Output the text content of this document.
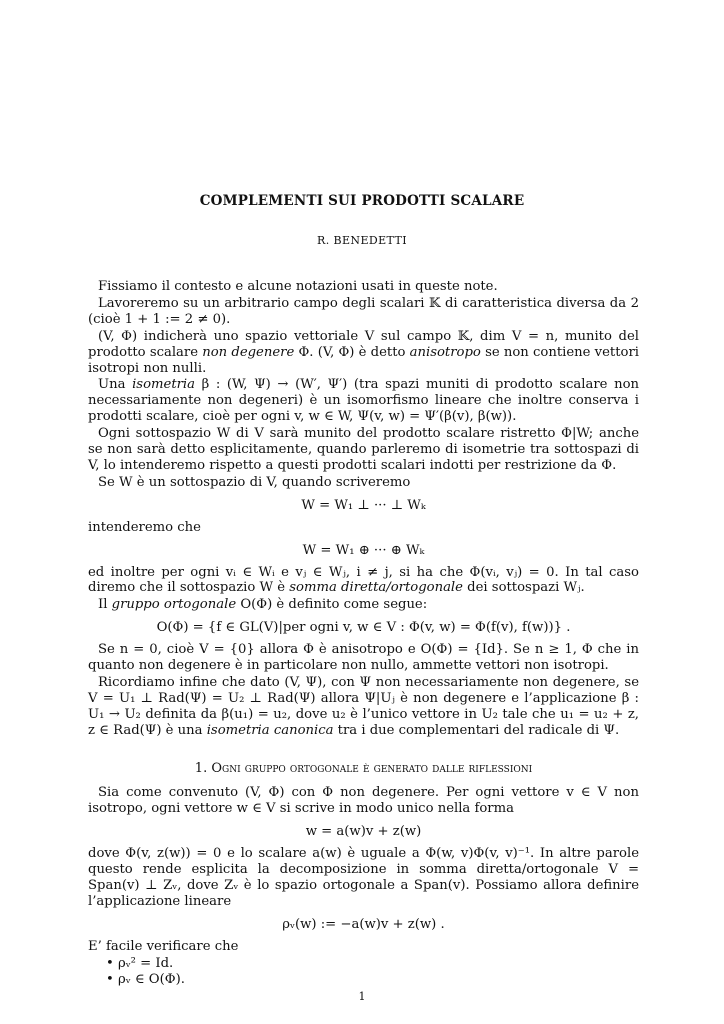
COMPLEMENTI SUI PRODOTTI SCALARE
R. BENEDETTI

Fissiamo il contesto e alcune notazioni usati in queste note.

Lavoreremo su un arbitrario campo degli scalari 𝕂 di caratteristica diversa da 2 (cioè 1 + 1 := 2 ≠ 0).

(V, Φ) indicherà uno spazio vettoriale V sul campo 𝕂, dim V = n, munito del prodotto scalare non degenere Φ. (V, Φ) è detto anisotropo se non contiene vettori isotropi non nulli.

Una isometria β : (W, Ψ) → (W′, Ψ′) (tra spazi muniti di prodotto scalare non necessariamente non degeneri) è un isomorfismo lineare che inoltre conserva i prodotti scalare, cioè per ogni v, w ∈ W, Ψ(v, w) = Ψ′(β(v), β(w)).

Ogni sottospazio W di V sarà munito del prodotto scalare ristretto Φ|W; anche se non sarà detto esplicitamente, quando parleremo di isometrie tra sottospazi di V, lo intenderemo rispetto a questi prodotti scalari indotti per restrizione da Φ.

Se W è un sottospazio di V, quando scriveremo

W = W₁ ⊥ ··· ⊥ Wₖ

intenderemo che

W = W₁ ⊕ ··· ⊕ Wₖ

ed inoltre per ogni vᵢ ∈ Wᵢ e vⱼ ∈ Wⱼ, i ≠ j, si ha che Φ(vᵢ, vⱼ) = 0. In tal caso diremo che il sottospazio W è somma diretta/ortogonale dei sottospazi Wⱼ.

Il gruppo ortogonale O(Φ) è definito come segue:

O(Φ) = {f ∈ GL(V)|per ogni v, w ∈ V : Φ(v, w) = Φ(f(v), f(w))} .

Se n = 0, cioè V = {0} allora Φ è anisotropo e O(Φ) = {Id}. Se n ≥ 1, Φ che in quanto non degenere è in particolare non nullo, ammette vettori non isotropi.

Ricordiamo infine che dato (V, Ψ), con Ψ non necessariamente non degenere, se V = U₁ ⊥ Rad(Ψ) = U₂ ⊥ Rad(Ψ) allora Ψ|Uⱼ è non degenere e l’applicazione β : U₁ → U₂ definita da β(u₁) = u₂, dove u₂ è l’unico vettore in U₂ tale che u₁ = u₂ + z, z ∈ Rad(Ψ) è una isometria canonica tra i due complementari del radicale di Ψ.

1. Ogni gruppo ortogonale è generato dalle riflessioni

Sia come convenuto (V, Φ) con Φ non degenere. Per ogni vettore v ∈ V non isotropo, ogni vettore w ∈ V si scrive in modo unico nella forma

w = a(w)v + z(w)

dove Φ(v, z(w)) = 0 e lo scalare a(w) è uguale a Φ(w, v)Φ(v, v)⁻¹. In altre parole questo rende esplicita la decomposizione in somma diretta/ortogonale V = Span(v) ⊥ Zᵥ, dove Zᵥ è lo spazio ortogonale a Span(v). Possiamo allora definire l’applicazione lineare

ρᵥ(w) := −a(w)v + z(w) .

E’ facile verificare che

• ρᵥ² = Id.
• ρᵥ ∈ O(Φ).
1
